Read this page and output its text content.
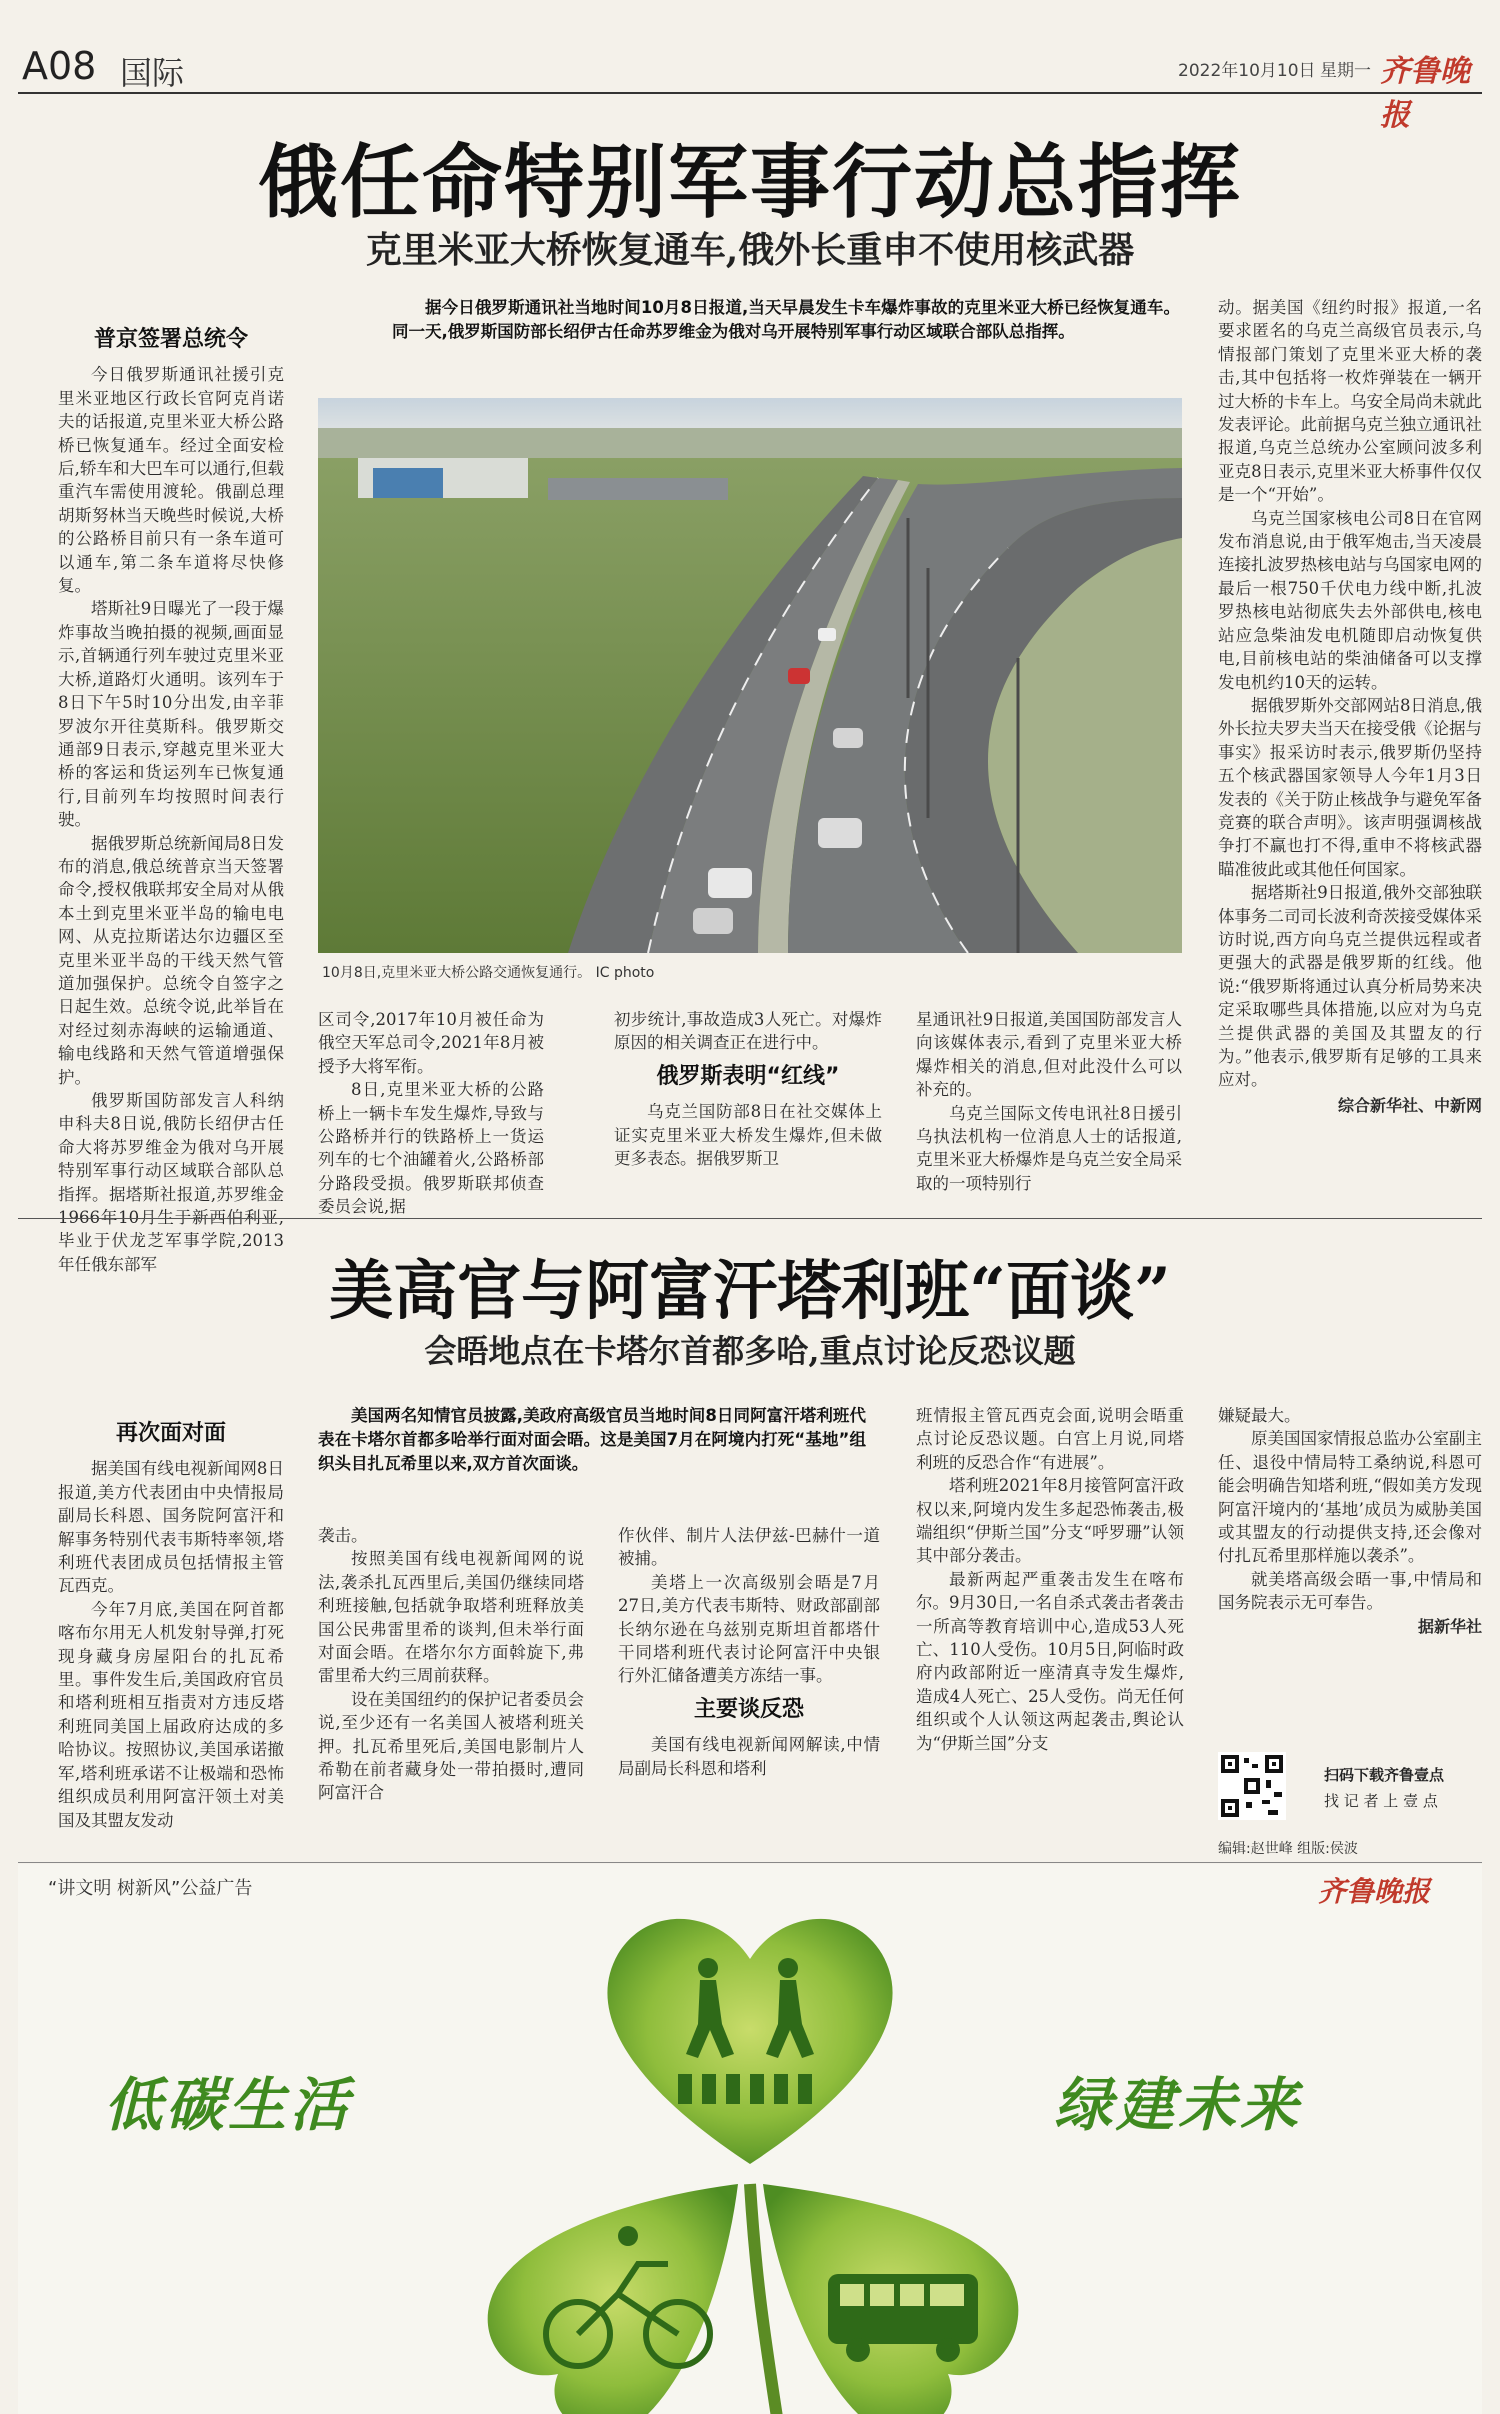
A08 国际	2022年10月10日 星期一 齐鲁晚报
俄任命特别军事行动总指挥
克里米亚大桥恢复通车,俄外长重申不使用核武器
普京签署总统令

今日俄罗斯通讯社援引克里米亚地区行政长官阿克肖诺夫的话报道,克里米亚大桥公路桥已恢复通车。经过全面安检后,轿车和大巴车可以通行,但载重汽车需使用渡轮。俄副总理胡斯努林当天晚些时候说,大桥的公路桥目前只有一条车道可以通车,第二条车道将尽快修复。

塔斯社9日曝光了一段于爆炸事故当晚拍摄的视频,画面显示,首辆通行列车驶过克里米亚大桥,道路灯火通明。该列车于8日下午5时10分出发,由辛菲罗波尔开往莫斯科。俄罗斯交通部9日表示,穿越克里米亚大桥的客运和货运列车已恢复通行,目前列车均按照时间表行驶。

据俄罗斯总统新闻局8日发布的消息,俄总统普京当天签署命令,授权俄联邦安全局对从俄本土到克里米亚半岛的输电电网、从克拉斯诺达尔边疆区至克里米亚半岛的干线天然气管道加强保护。总统令自签字之日起生效。总统令说,此举旨在对经过刻赤海峡的运输通道、输电线路和天然气管道增强保护。

俄罗斯国防部发言人科纳申科夫8日说,俄防长绍伊古任命大将苏罗维金为俄对乌开展特别军事行动区域联合部队总指挥。据塔斯社报道,苏罗维金1966年10月生于新西伯利亚,毕业于伏龙芝军事学院,2013年任俄东部军

据今日俄罗斯通讯社当地时间10月8日报道,当天早晨发生卡车爆炸事故的克里米亚大桥已经恢复通车。同一天,俄罗斯国防部长绍伊古任命苏罗维金为俄对乌开展特别军事行动区域联合部队总指挥。
10月8日,克里米亚大桥公路交通恢复通行。 IC photo

区司令,2017年10月被任命为俄空天军总司令,2021年8月被授予大将军衔。

8日,克里米亚大桥的公路桥上一辆卡车发生爆炸,导致与公路桥并行的铁路桥上一货运列车的七个油罐着火,公路桥部分路段受损。俄罗斯联邦侦查委员会说,据

初步统计,事故造成3人死亡。对爆炸原因的相关调查正在进行中。

俄罗斯表明“红线”

乌克兰国防部8日在社交媒体上证实克里米亚大桥发生爆炸,但未做更多表态。据俄罗斯卫

星通讯社9日报道,美国国防部发言人向该媒体表示,看到了克里米亚大桥爆炸相关的消息,但对此没什么可以补充的。

乌克兰国际文传电讯社8日援引乌执法机构一位消息人士的话报道,克里米亚大桥爆炸是乌克兰安全局采取的一项特别行

动。据美国《纽约时报》报道,一名要求匿名的乌克兰高级官员表示,乌情报部门策划了克里米亚大桥的袭击,其中包括将一枚炸弹装在一辆开过大桥的卡车上。乌安全局尚未就此发表评论。此前据乌克兰独立通讯社报道,乌克兰总统办公室顾问波多利亚克8日表示,克里米亚大桥事件仅仅是一个“开始”。

乌克兰国家核电公司8日在官网发布消息说,由于俄军炮击,当天凌晨连接扎波罗热核电站与乌国家电网的最后一根750千伏电力线中断,扎波罗热核电站彻底失去外部供电,核电站应急柴油发电机随即启动恢复供电,目前核电站的柴油储备可以支撑发电机约10天的运转。

据俄罗斯外交部网站8日消息,俄外长拉夫罗夫当天在接受俄《论据与事实》报采访时表示,俄罗斯仍坚持五个核武器国家领导人今年1月3日发表的《关于防止核战争与避免军备竞赛的联合声明》。该声明强调核战争打不赢也打不得,重申不将核武器瞄准彼此或其他任何国家。

据塔斯社9日报道,俄外交部独联体事务二司司长波利奇茨接受媒体采访时说,西方向乌克兰提供远程或者更强大的武器是俄罗斯的红线。他说:“俄罗斯将通过认真分析局势来决定采取哪些具体措施,以应对为乌克兰提供武器的美国及其盟友的行为。”他表示,俄罗斯有足够的工具来应对。

综合新华社、中新网
美高官与阿富汗塔利班“面谈”
会晤地点在卡塔尔首都多哈,重点讨论反恐议题
再次面对面

据美国有线电视新闻网8日报道,美方代表团由中央情报局副局长科恩、国务院阿富汗和解事务特别代表韦斯特率领,塔利班代表团成员包括情报主管瓦西克。

今年7月底,美国在阿首都喀布尔用无人机发射导弹,打死现身藏身房屋阳台的扎瓦希里。事件发生后,美国政府官员和塔利班相互指责对方违反塔利班同美国上届政府达成的多哈协议。按照协议,美国承诺撤军,塔利班承诺不让极端和恐怖组织成员利用阿富汗领土对美国及其盟友发动

美国两名知情官员披露,美政府高级官员当地时间8日同阿富汗塔利班代表在卡塔尔首都多哈举行面对面会晤。这是美国7月在阿境内打死“基地”组织头目扎瓦希里以来,双方首次面谈。

袭击。

按照美国有线电视新闻网的说法,袭杀扎瓦西里后,美国仍继续同塔利班接触,包括就争取塔利班释放美国公民弗雷里希的谈判,但未举行面对面会晤。在塔尔尔方面斡旋下,弗雷里希大约三周前获释。

设在美国纽约的保护记者委员会说,至少还有一名美国人被塔利班关押。扎瓦希里死后,美国电影制片人希勒在前者藏身处一带拍摄时,遭同阿富汗合

作伙伴、制片人法伊兹-巴赫什一道被捕。

美塔上一次高级别会晤是7月27日,美方代表韦斯特、财政部副部长纳尔逊在乌兹别克斯坦首都塔什干同塔利班代表讨论阿富汗中央银行外汇储备遭美方冻结一事。

主要谈反恐

美国有线电视新闻网解读,中情局副局长科恩和塔利

班情报主管瓦西克会面,说明会晤重点讨论反恐议题。白宫上月说,同塔利班的反恐合作“有进展”。

塔利班2021年8月接管阿富汗政权以来,阿境内发生多起恐怖袭击,极端组织“伊斯兰国”分支“呼罗珊”认领其中部分袭击。

最新两起严重袭击发生在喀布尔。9月30日,一名自杀式袭击者袭击一所高等教育培训中心,造成53人死亡、110人受伤。10月5日,阿临时政府内政部附近一座清真寺发生爆炸,造成4人死亡、25人受伤。尚无任何组织或个人认领这两起袭击,舆论认为“伊斯兰国”分支

嫌疑最大。

原美国国家情报总监办公室副主任、退役中情局特工桑纳说,科恩可能会明确告知塔利班,“假如美方发现阿富汗境内的‘基地’成员为威胁美国或其盟友的行动提供支持,还会像对付扎瓦希里那样施以袭杀”。

就美塔高级会晤一事,中情局和国务院表示无可奉告。

据新华社
扫码下载齐鲁壹点
找 记 者 上 壹 点
编辑:赵世峰 组版:侯波
“讲文明 树新风”公益广告	齐鲁晚报
低碳生活	绿建未来
